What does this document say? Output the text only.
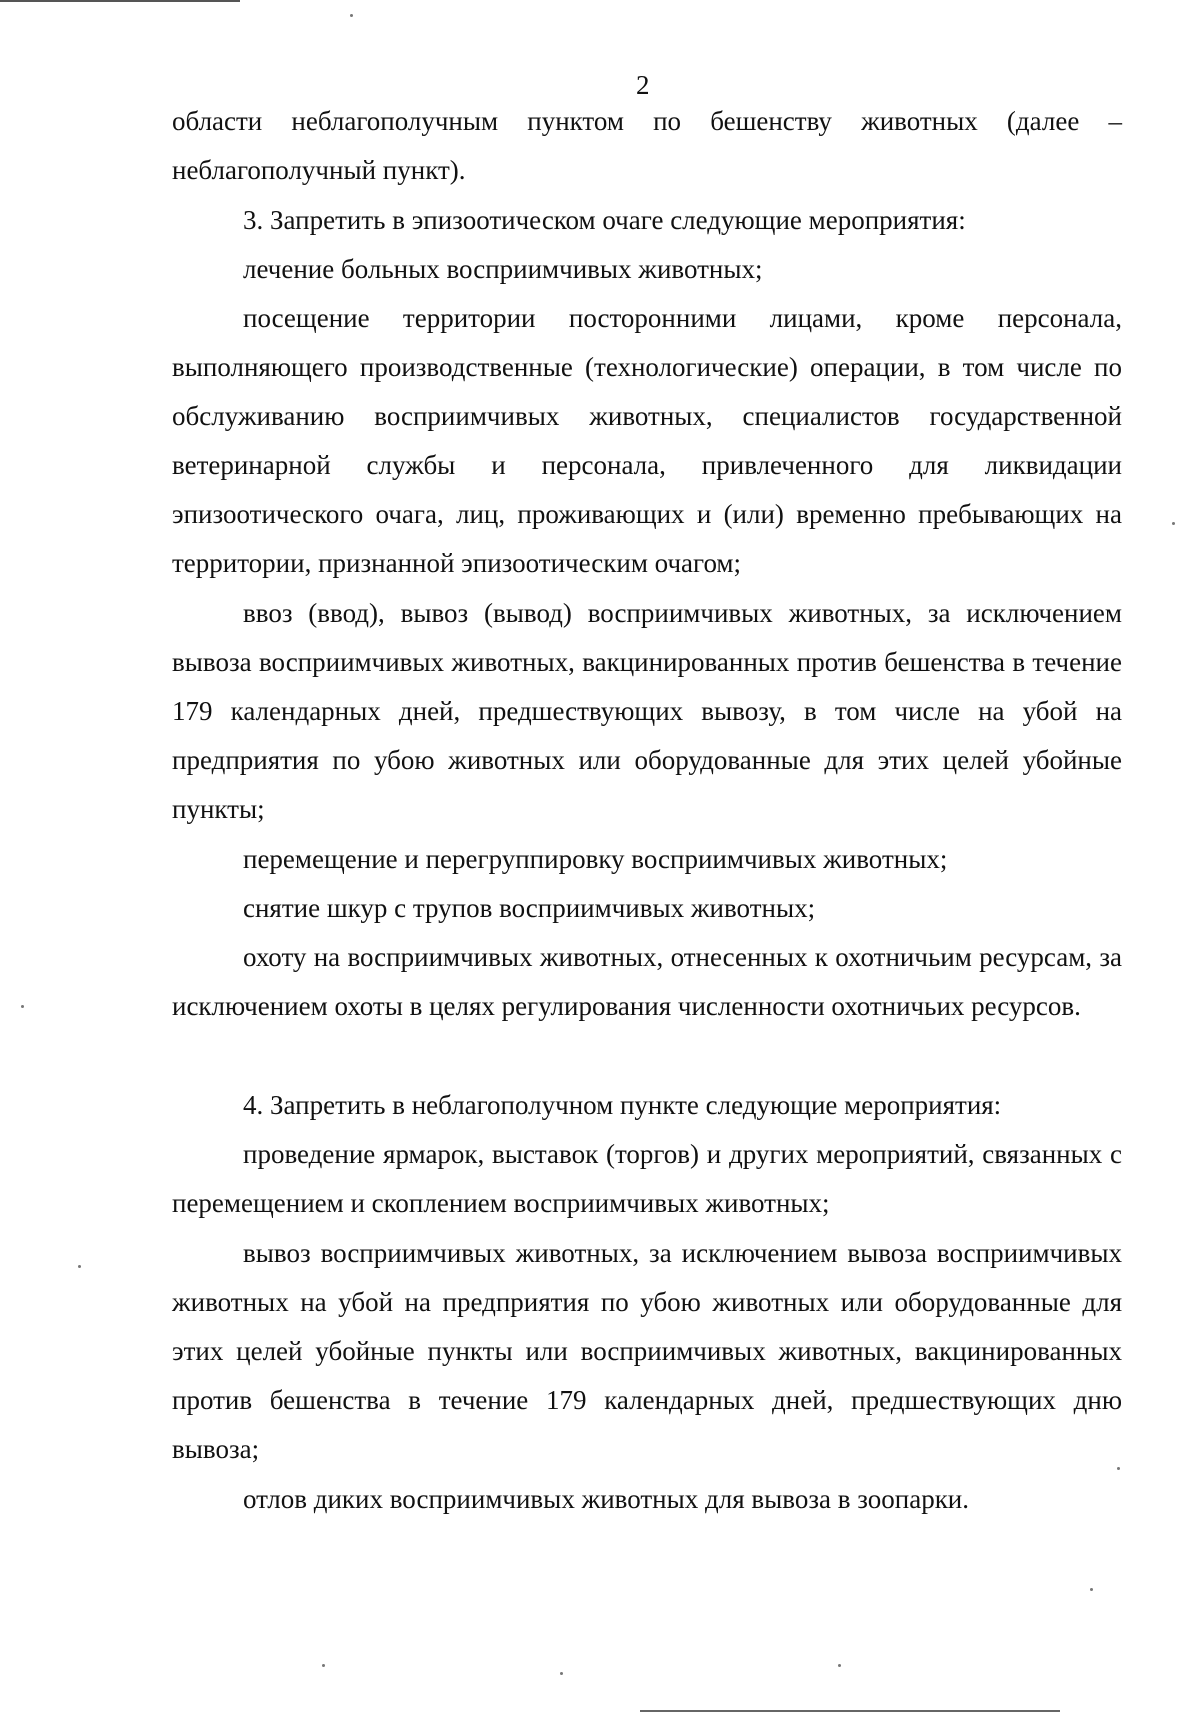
2

области неблагополучным пунктом по бешенству животных (далее – неблагополучный пункт).

3. Запретить в эпизоотическом очаге следующие мероприятия:

лечение больных восприимчивых животных;

посещение территории посторонними лицами, кроме персонала, выполняющего производственные (технологические) операции, в том числе по обслуживанию восприимчивых животных, специалистов государственной ветеринарной службы и персонала, привлеченного для ликвидации эпизоотического очага, лиц, проживающих и (или) временно пребывающих на территории, признанной эпизоотическим очагом;

ввоз (ввод), вывоз (вывод) восприимчивых животных, за исключением вывоза восприимчивых животных, вакцинированных против бешенства в течение 179 календарных дней, предшествующих вывозу, в том числе на убой на предприятия по убою животных или оборудованные для этих целей убойные пункты;

перемещение и перегруппировку восприимчивых животных;

снятие шкур с трупов восприимчивых животных;

охоту на восприимчивых животных, отнесенных к охотничьим ресурсам, за исключением охоты в целях регулирования численности охотничьих ресурсов.

4. Запретить в неблагополучном пункте следующие мероприятия:

проведение ярмарок, выставок (торгов) и других мероприятий, связанных с перемещением и скоплением восприимчивых животных;

вывоз восприимчивых животных, за исключением вывоза восприимчивых животных на убой на предприятия по убою животных или оборудованные для этих целей убойные пункты или восприимчивых животных, вакцинированных против бешенства в течение 179 календарных дней, предшествующих дню вывоза;

отлов диких восприимчивых животных для вывоза в зоопарки.
